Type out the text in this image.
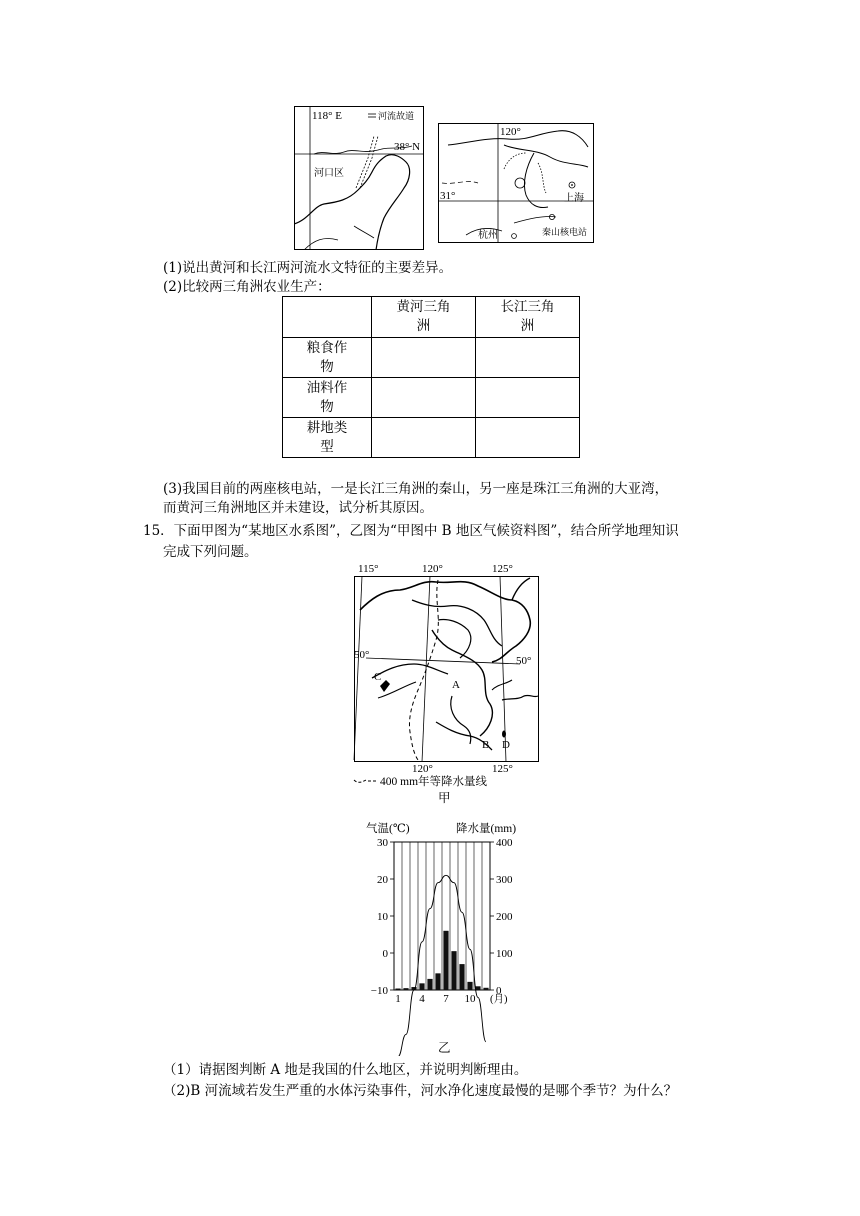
118° E	河流故道
38° N
河口区
120°
31°	上海
杭州	秦山核电站
(1)说出黄河和长江两河流水文特征的主要差异。
(2)比较两三角洲农业生产：
	黄河三角洲	长江三角洲
粮食作物		
油料作物		
耕地类型		
(3)我国目前的两座核电站，一是长江三角洲的秦山，另一座是珠江三角洲的大亚湾，
而黄河三角洲地区并未建设，试分析其原因。
15．下面甲图为“某地区水系图”，乙图为“甲图中 B 地区气候资料图”，结合所学地理知识
完成下列问题。
115°	120°	125°
50°	50°
A
B
C
D
120°	125°
400 mm年等降水量线
甲
气温(℃)	降水量(mm)
30
20
10
0
−10
400
300
200
100
0
1 4 7 10 (月)
乙
（1）请据图判断 A 地是我国的什么地区，并说明判断理由。
（2)B 河流域若发生严重的水体污染事件，河水净化速度最慢的是哪个季节？为什么？
